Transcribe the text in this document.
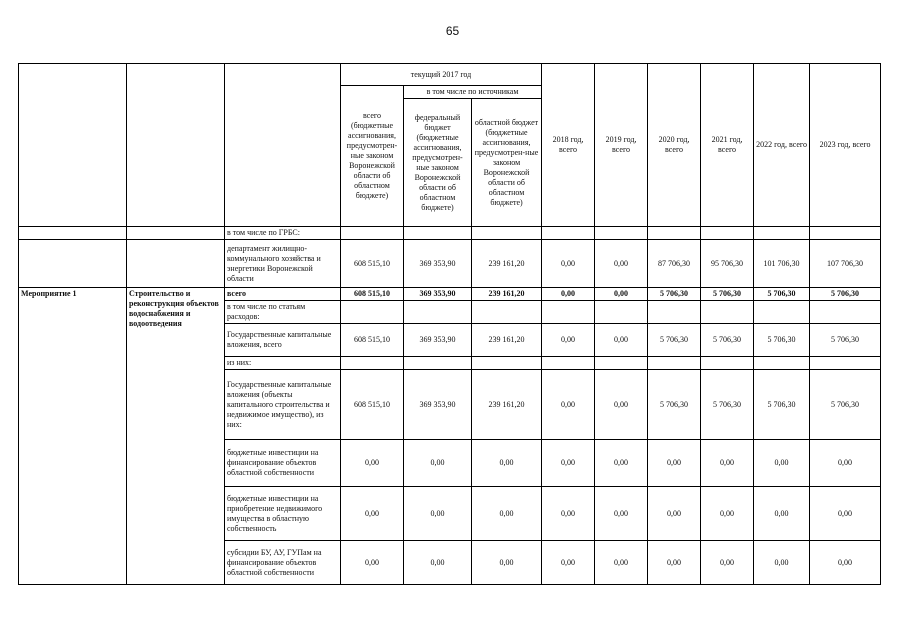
65
			текущий 2017 год			2018 год, всего	2019 год, всего	2020 год, всего	2021 год, всего	2022 год, всего	2023 год, всего
			всего (бюджетные ассигнования, предусмотрен-ные законом Воронежской области об областном бюджете)	в том числе по источникам							
				федеральный бюджет (бюджетные ассигнования, предусмотрен-ные законом Воронежской области об областном бюджете)	областной бюджет (бюджетные ассигнования, предусмотрен-ные законом Воронежской области об областном бюджете)						
		в том числе по ГРБС:									
		департамент жилищно-коммунального хозяйства и энергетики Воронежской области	608 515,10	369 353,90	239 161,20	0,00	0,00	87 706,30	95 706,30	101 706,30	107 706,30
Мероприятие 1	Строительство и реконструкция объектов водоснабжения и водоотведения	всего	608 515,10	369 353,90	239 161,20	0,00	0,00	5 706,30	5 706,30	5 706,30	5 706,30
		в том числе по статьям расходов:									
		Государственные капитальные вложения, всего	608 515,10	369 353,90	239 161,20	0,00	0,00	5 706,30	5 706,30	5 706,30	5 706,30
		из них:									
		Государственные капитальные вложения (объекты капитального строительства и недвижимое имущество), из них:	608 515,10	369 353,90	239 161,20	0,00	0,00	5 706,30	5 706,30	5 706,30	5 706,30
		бюджетные инвестиции на финансирование объектов областной собственности	0,00	0,00	0,00	0,00	0,00	0,00	0,00	0,00	0,00
		бюджетные инвестиции на приобретение недвижимого имущества в областную собственность	0,00	0,00	0,00	0,00	0,00	0,00	0,00	0,00	0,00
		субсидии БУ, АУ, ГУПам на финансирование объектов областной собственности	0,00	0,00	0,00	0,00	0,00	0,00	0,00	0,00	0,00
